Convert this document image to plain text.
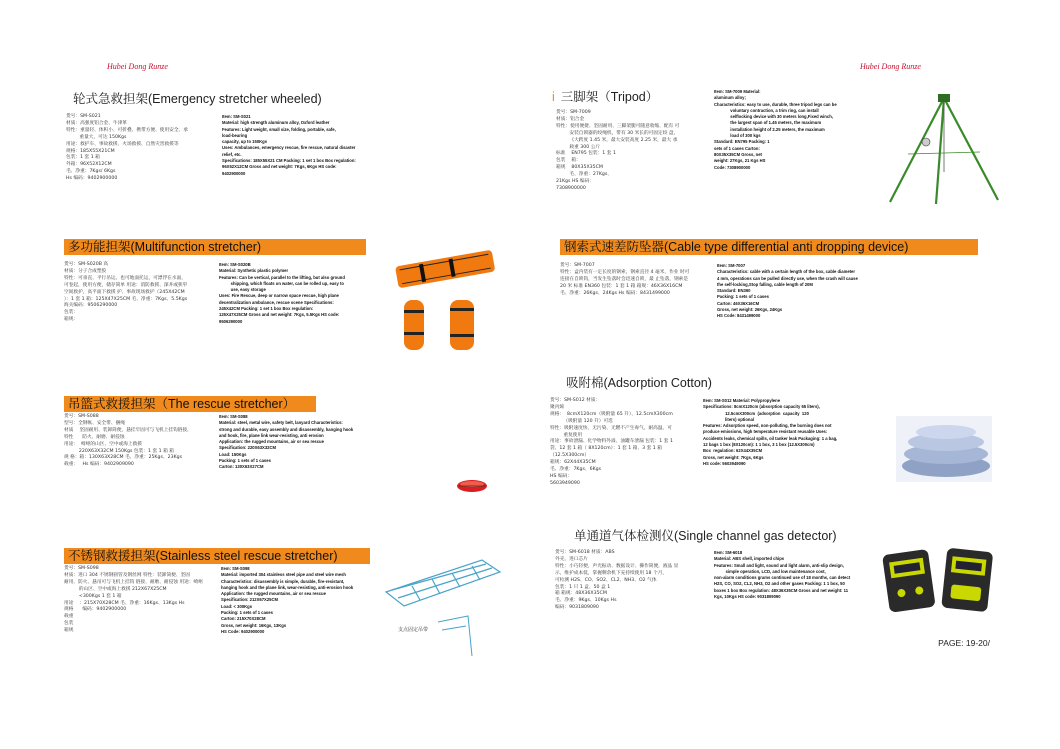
Hubei Dong Runze	Hubei Dong Runze
轮式急救担架(Emergency stretcher wheeled)
货号：SM-S021
材质：高强度铝合金、牛津革
特性：重量轻、体积小、可折叠、携带方便、使用安全、承
重量大，可达 150Kgs
用途：救护车、事故救援、火场救援、自然灾害救援等
规格：185X55X21CM
包装：1 套 1 箱
外箱：96X52X12CM
毛、净重：7Kgs/ 6Kgs
Hs 编码：9402900000
Item: SM-S021
Material: high strength aluminum alloy, Oxford leather
Features: Light weight, small size, folding, portable, safe,
load-bearing
capacity, up to 150Kgs
Uses: Ambulances, emergency rescue, fire rescue, natural disaster
relief, etc.
Specifications: 185X55X21 CM Packing: 1 set 1 box Box regulation:
96X52X12CM Gross and net weight: 7Kgs, 6Kgs HS code:
9402900000
多功能担架(Multifunction stretcher)
货号：SM-S020B 高
材质：分子合成塑胶
特性：可垂直、平行吊运，也可地面托运，可漂浮在水面，
可卷起，使用方便，储存简单 用途：消防救援、深井或狭窄
空间救护，高平面下救援 护、事故现场救护（245X42CM
）：1 套 1 箱：125X47X25CM 毛、净重：7Kgs、5.5Kgs
海关编码：9506290000
包装：
箱规：
Item: SM-S020B
Material: Synthetic plastic polymer
Features: Can be vertical, parallel to the lifting, but also ground
shipping, which floats on water, can be rolled up, easy to
use, easy storage
Uses: Fire Rescue, deep or narrow space rescue, high plane
decentralization ambulance, rescue scene Specifications:
245X42CM Packing: 1 set 1 box Box regulation:
125X47X25CM Gross and net weight: 7Kgs, 5.5Kgs HS code:
9506290000
吊篮式救援担架（The rescue stretcher）
货号：SM-S088
型号：全钢帐、安全带、捆绳
材质    坚固耐用、装卸简便，悬挂牢固可与飞机上挂钩链接，
特性      防火、耐磨、耐侵蚀
用途：  崎岖的山区、空中或海上救援
220X63X32CM 150Kgs 包装：1 套 1 箱 箱
规 格：箱：130X63X28CM 毛、净重：25Kgs、23Kgs
载重：   Hs 编码：9402909090
Item: SM-S088
Material: steel, metal wire, safety belt, lanyard Characteristics:
strong and durable, easy assembly and disassembly, hanging hook
and hook, fire, plane link wear-resisting, anti erosion
Application: the rugged mountains, air or sea rescue
Specification: 220X63X32CM
Load: 150Kgs
Packing: 1 sets of 1 cases
Carton: 130X63X27CM
不锈钢救援担架(Stainless steel rescue stretcher)
货号：SM-S098
材质：进口 304 不锈钢圆管及钢丝网 特性：装卸简便、坚固
耐用、防火、悬吊可与飞机上挂钩 链接、耐磨、耐侵蚀 用途：崎岖
的山区、空中或海上救援 212X67X25CM
<300Kgs 1 套 1 箱
用途    ：215X70X28CM 毛、净重：16Kgs、13Kgs Hs
规格      编码：9402900000
载重
包装
箱规
Item: SM-S098
Material: imported 304 stainless steel pipe and steel wire mesh
Characteristics: disassembly is simple, durable, fire-resistant,
hanging hook and the plane link, wear-resisting, anti-erosion hook
Application: the rugged mountains, air or sea rescue
Specification: 212X67X25CM
Load: < 300Kgs
Packing: 1 sets of 1 cases
Carton: 215X70X28CM
Gross, net weight: 16Kgs, 13Kgs
HS Code: 9402900000	支点固定吊带
i 三脚架（Tripod）
货号：SM-7009
材质：铝合金
特性：使用便捷、坚固耐用、三脚架腿可随意收缩、配有 可
安装自锁器的绞绳机，带有 30 米长的可固定绞 盘，
《大跨度 1.45 米，最大安装高度 2.25 米，最大 承
载重 300 公斤
标准    EN795 包装：1 套 1
包装    箱：
箱规    80X35X35CM
毛、净重：27Kgs、
21Kgs HS 编码：
7308900000
Item: SM-7009 Material:
aluminum alloy;
Characteristics: easy to use, durable, three tripod legs can be
voluntary contraction, a trim ring, can install
selflocking device with 30 meters long,Fixed winch,
the largest span of 1.45 meters, the maximum
installation height of 2.25 meters, the maximum
load of 300 kgs
Standard: EN795 Packing: 1
sets of 1 cases Carton:
80X35X35CM Gross, net
weight: 27Kgs, 21 Kgs HS
Code: 7308900000
钢索式速差防坠器(Cable type differential anti dropping device)
货号：SM-7007
特性：盒内装有一定长度的钢索，钢索直径 4 毫米，作业 时可
连接在自锁钩，当发生坠落时会迅速自锁，最 止坠落，钢索是
20 米 标准 EN360 包装：1 套 1 箱 箱规：46X36X16CM
毛、净重：26Kgs、24Kgs Hs 编码：8431499000
Item: SM-7007
Characteristics: cable with a certain length of the box, cable diameter
4 mm, operations can be pulled directly use, when the crash will cause
the self-locking,Stop falling, cable length of 20M
Standard: EN360
Packing: 1 sets of 1 cases
Carton: 46X36X16CM
Gross, net weight: 26Kgs, 24Kgs
HS Code: 8431499000
吸附棉(Adsorption Cotton)
货号：SM-S012 材质：
聚丙烯
规格：  8cmX120cm（吸附量 65 升）、12.5cmX300cm
（吸附量 120 升）可选
特性：吸附速度快、无污染、无燃不产生毒气、耐高温、可
重复使用
用途：事故泄漏、化学物料外溢、油罐车泄漏 包装：1 套 1
袋、12 套 1 箱（ 8X120cm）：1 套 1 箱、3 套 1 箱
（12.5X300cm）
箱规：62X44X35CM
毛、净重：7Kgs、6Kgs
HS 编码：
5603949090
Item: SM-S012 Material: Polypropylene
Specifications: 8cmX120cm (absorption capacity 65 liters),
12.5cmX300cm  (adsorption  capacity  120
liters) optional
Features: Adsorption speed, non-polluting, the burning does not
produce emissions, high temperature resistant reusable Uses:
Accidents leaks, chemical spills, oil tanker leak Packaging: 1 a bag,
12 bags 1 box (8X120cm): 1 1 box, 3 1 box (12.5X300cm)
Box  regulation: 62X44X35CM
Gross, net weight: 7Kgs, 6Kgs
HS code: 5603949090
单通道气体检测仪(Single channel gas detector)
货号：SM-6018 材质：ABS
外壳、进口芯片
特性：小巧轻便，声光振动、数据设计、操作简便，液晶 显
示，维护成本低，掌握剩余机下充持续使用 18 个月，
可检测 H2S、CO、SO2、CL2、NH3、O2 气体
包装：1 只 1 盒、50 盒 1
箱 箱规：48X36X35CM
毛、净重：9Kgs、10Kgs Hs
编码：9031809090
Item: SM-6018
Material: ABS shell, imported chips
Features: Small and light, sound and light alarm, anti-slip design,
simple operation, LCD, and low maintenance cost,
non-alarm conditions grams continued use of 18 months, can detect
H2S, CO, SO2, CL2, NH3, O2 and other gases Packing: 1 1 box, 50
boxes 1 box Box regulation: 48X36X35CM Gross and net weight: 11
Kgs, 10Kgs HS code: 9031809090
PAGE: 19-20/
